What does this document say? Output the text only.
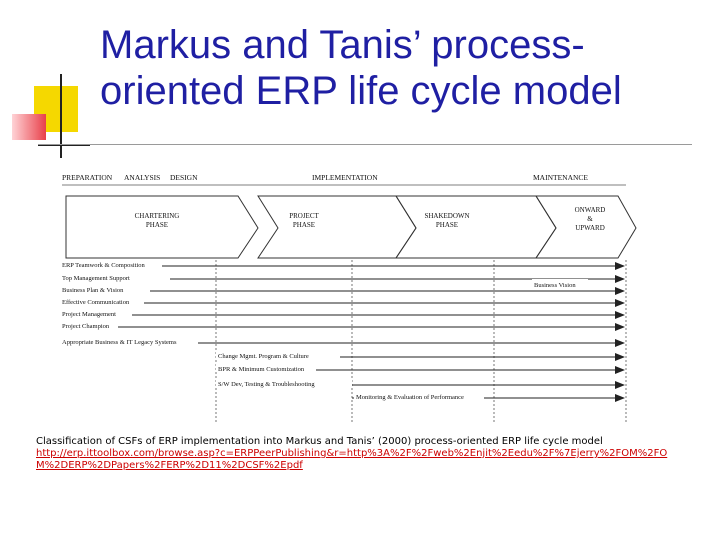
Markus and Tanis’ process-
oriented ERP life cycle model
PREPARATION ANALYSIS DESIGN	IMPLEMENTATION	MAINTENANCE
CHARTERING
PHASE
PROJECT
PHASE
SHAKEDOWN
PHASE
ONWARD
&
UPWARD
ERP Teamwork & Composition
Top Management Support
Business Plan & Vision
Effective Communication
Project Management
Project Champion
Appropriate Business & IT Legacy Systems
Change Mgmt. Program & Culture
BPR & Minimum Customization
S/W Dev, Testing & Troubleshooting
Monitoring & Evaluation of Performance
Business Vision
Classification of CSFs of ERP implementation into Markus and Tanis’ (2000) process-oriented ERP life cycle model
http://erp.ittoolbox.com/browse.asp?c=ERPPeerPublishing&r=http%3A%2F%2Fweb%2Enjit%2Eedu%2F%7Ejerry%2FOM%2FOM%2DERP%2DPapers%2FERP%2D11%2DCSF%2Epdf
